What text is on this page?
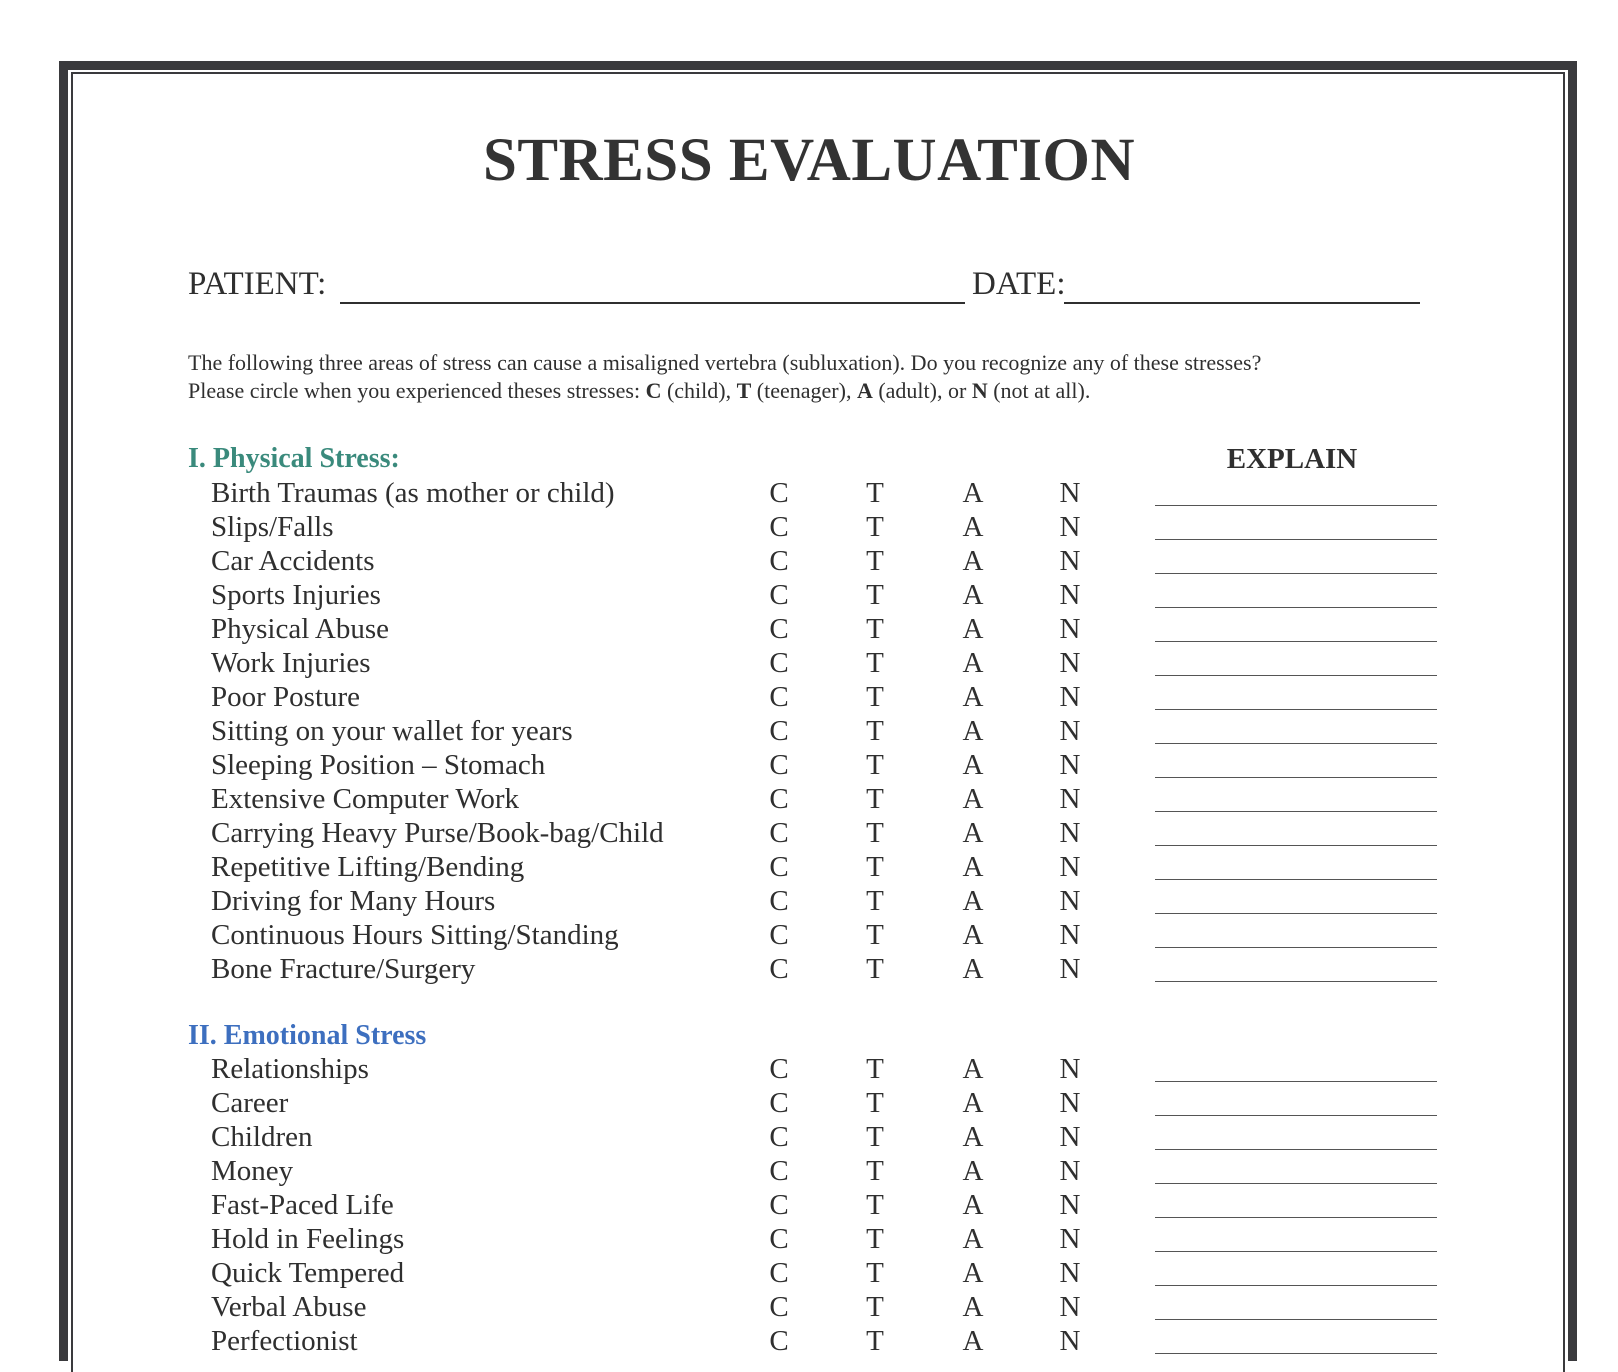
STRESS EVALUATION
PATIENT:	DATE:
The following three areas of stress can cause a misaligned vertebra (subluxation). Do you recognize any of these stresses?
Please circle when you experienced theses stresses: C (child), T (teenager), A (adult), or N (not at all).
I. Physical Stress:	EXPLAIN
Birth Traumas (as mother or child)	C	T	A	N
Slips/Falls	C	T	A	N
Car Accidents	C	T	A	N
Sports Injuries	C	T	A	N
Physical Abuse	C	T	A	N
Work Injuries	C	T	A	N
Poor Posture	C	T	A	N
Sitting on your wallet for years	C	T	A	N
Sleeping Position – Stomach	C	T	A	N
Extensive Computer Work	C	T	A	N
Carrying Heavy Purse/Book-bag/Child	C	T	A	N
Repetitive Lifting/Bending	C	T	A	N
Driving for Many Hours	C	T	A	N
Continuous Hours Sitting/Standing	C	T	A	N
Bone Fracture/Surgery	C	T	A	N
II. Emotional Stress
Relationships	C	T	A	N
Career	C	T	A	N
Children	C	T	A	N
Money	C	T	A	N
Fast-Paced Life	C	T	A	N
Hold in Feelings	C	T	A	N
Quick Tempered	C	T	A	N
Verbal Abuse	C	T	A	N
Perfectionist	C	T	A	N
